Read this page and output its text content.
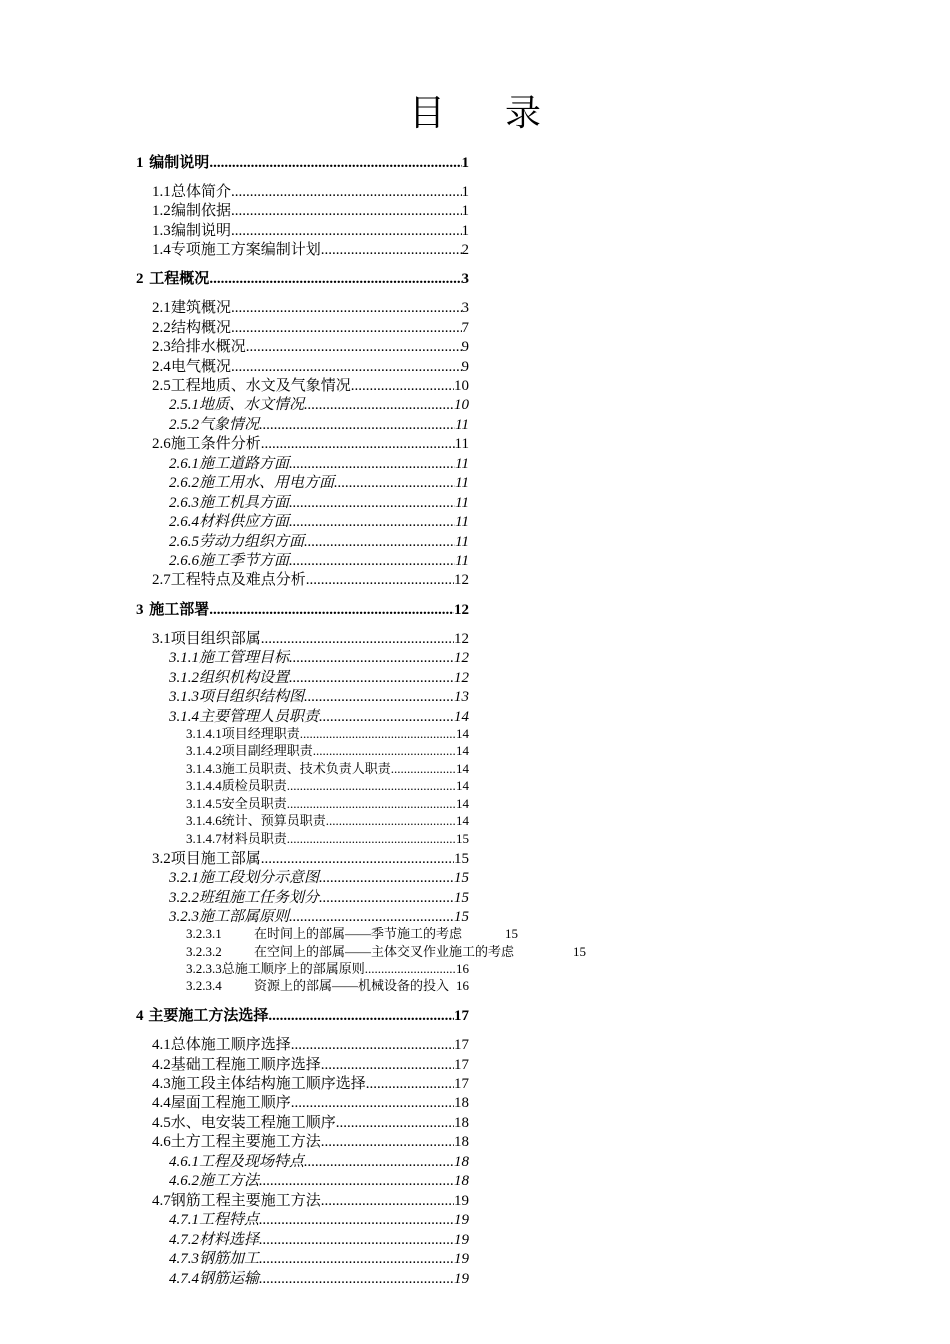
目 录
1 编制说明 .....	1
1.1 总体简介 .....	1
1.2 编制依据 .....	1
1.3 编制说明 .....	1
1.4 专项施工方案编制计划 .....	2
2 工程概况 .....	3
2.1 建筑概况 .....	3
2.2 结构概况 .....	7
2.3 给排水概况 .....	9
2.4 电气概况 .....	9
2.5 工程地质、水文及气象情况 .....	10
2.5.1 地质、水文情况 .....	10
2.5.2 气象情况 .....	11
2.6 施工条件分析 .....	11
2.6.1 施工道路方面 .....	11
2.6.2 施工用水、用电方面 .....	11
2.6.3 施工机具方面 .....	11
2.6.4 材料供应方面 .....	11
2.6.5 劳动力组织方面 .....	11
2.6.6 施工季节方面 .....	11
2.7 工程特点及难点分析 .....	12
3 施工部署 .....	12
3.1 项目组织部属 .....	12
3.1.1 施工管理目标 .....	12
3.1.2 组织机构设置 .....	12
3.1.3 项目组织结构图 .....	13
3.1.4 主要管理人员职责 .....	14
3.1.4.1 项目经理职责 .....	14
3.1.4.2 项目副经理职责 .....	14
3.1.4.3 施工员职责、技术负责人职责 .....	14
3.1.4.4 质检员职责 .....	14
3.1.4.5 安全员职责 .....	14
3.1.4.6 统计、预算员职责 .....	14
3.1.4.7 材料员职责 .....	15
3.2 项目施工部属 .....	15
3.2.1 施工段划分示意图 .....	15
3.2.2 班组施工任务划分 .....	15
3.2.3 施工部属原则 .....	15
3.2.3.1	在时间上的部属——季节施工的考虑	15
3.2.3.2	在空间上的部属——主体交叉作业施工的考虑	15
3.2.3.3 总施工顺序上的部属原则 .....	16
3.2.3.4	资源上的部属——机械设备的投入 16
4 主要施工方法选择 .....	17
4.1 总体施工顺序选择 .....	17
4.2 基础工程施工顺序选择 .....	17
4.3 施工段主体结构施工顺序选择 .....	17
4.4 屋面工程施工顺序 .....	18
4.5 水、电安装工程施工顺序 .....	18
4.6 土方工程主要施工方法 .....	18
4.6.1 工程及现场特点 .....	18
4.6.2 施工方法 .....	18
4.7 钢筋工程主要施工方法 .....	19
4.7.1 工程特点 .....	19
4.7.2 材料选择 .....	19
4.7.3 钢筋加工 .....	19
4.7.4 钢筋运输 .....	19
